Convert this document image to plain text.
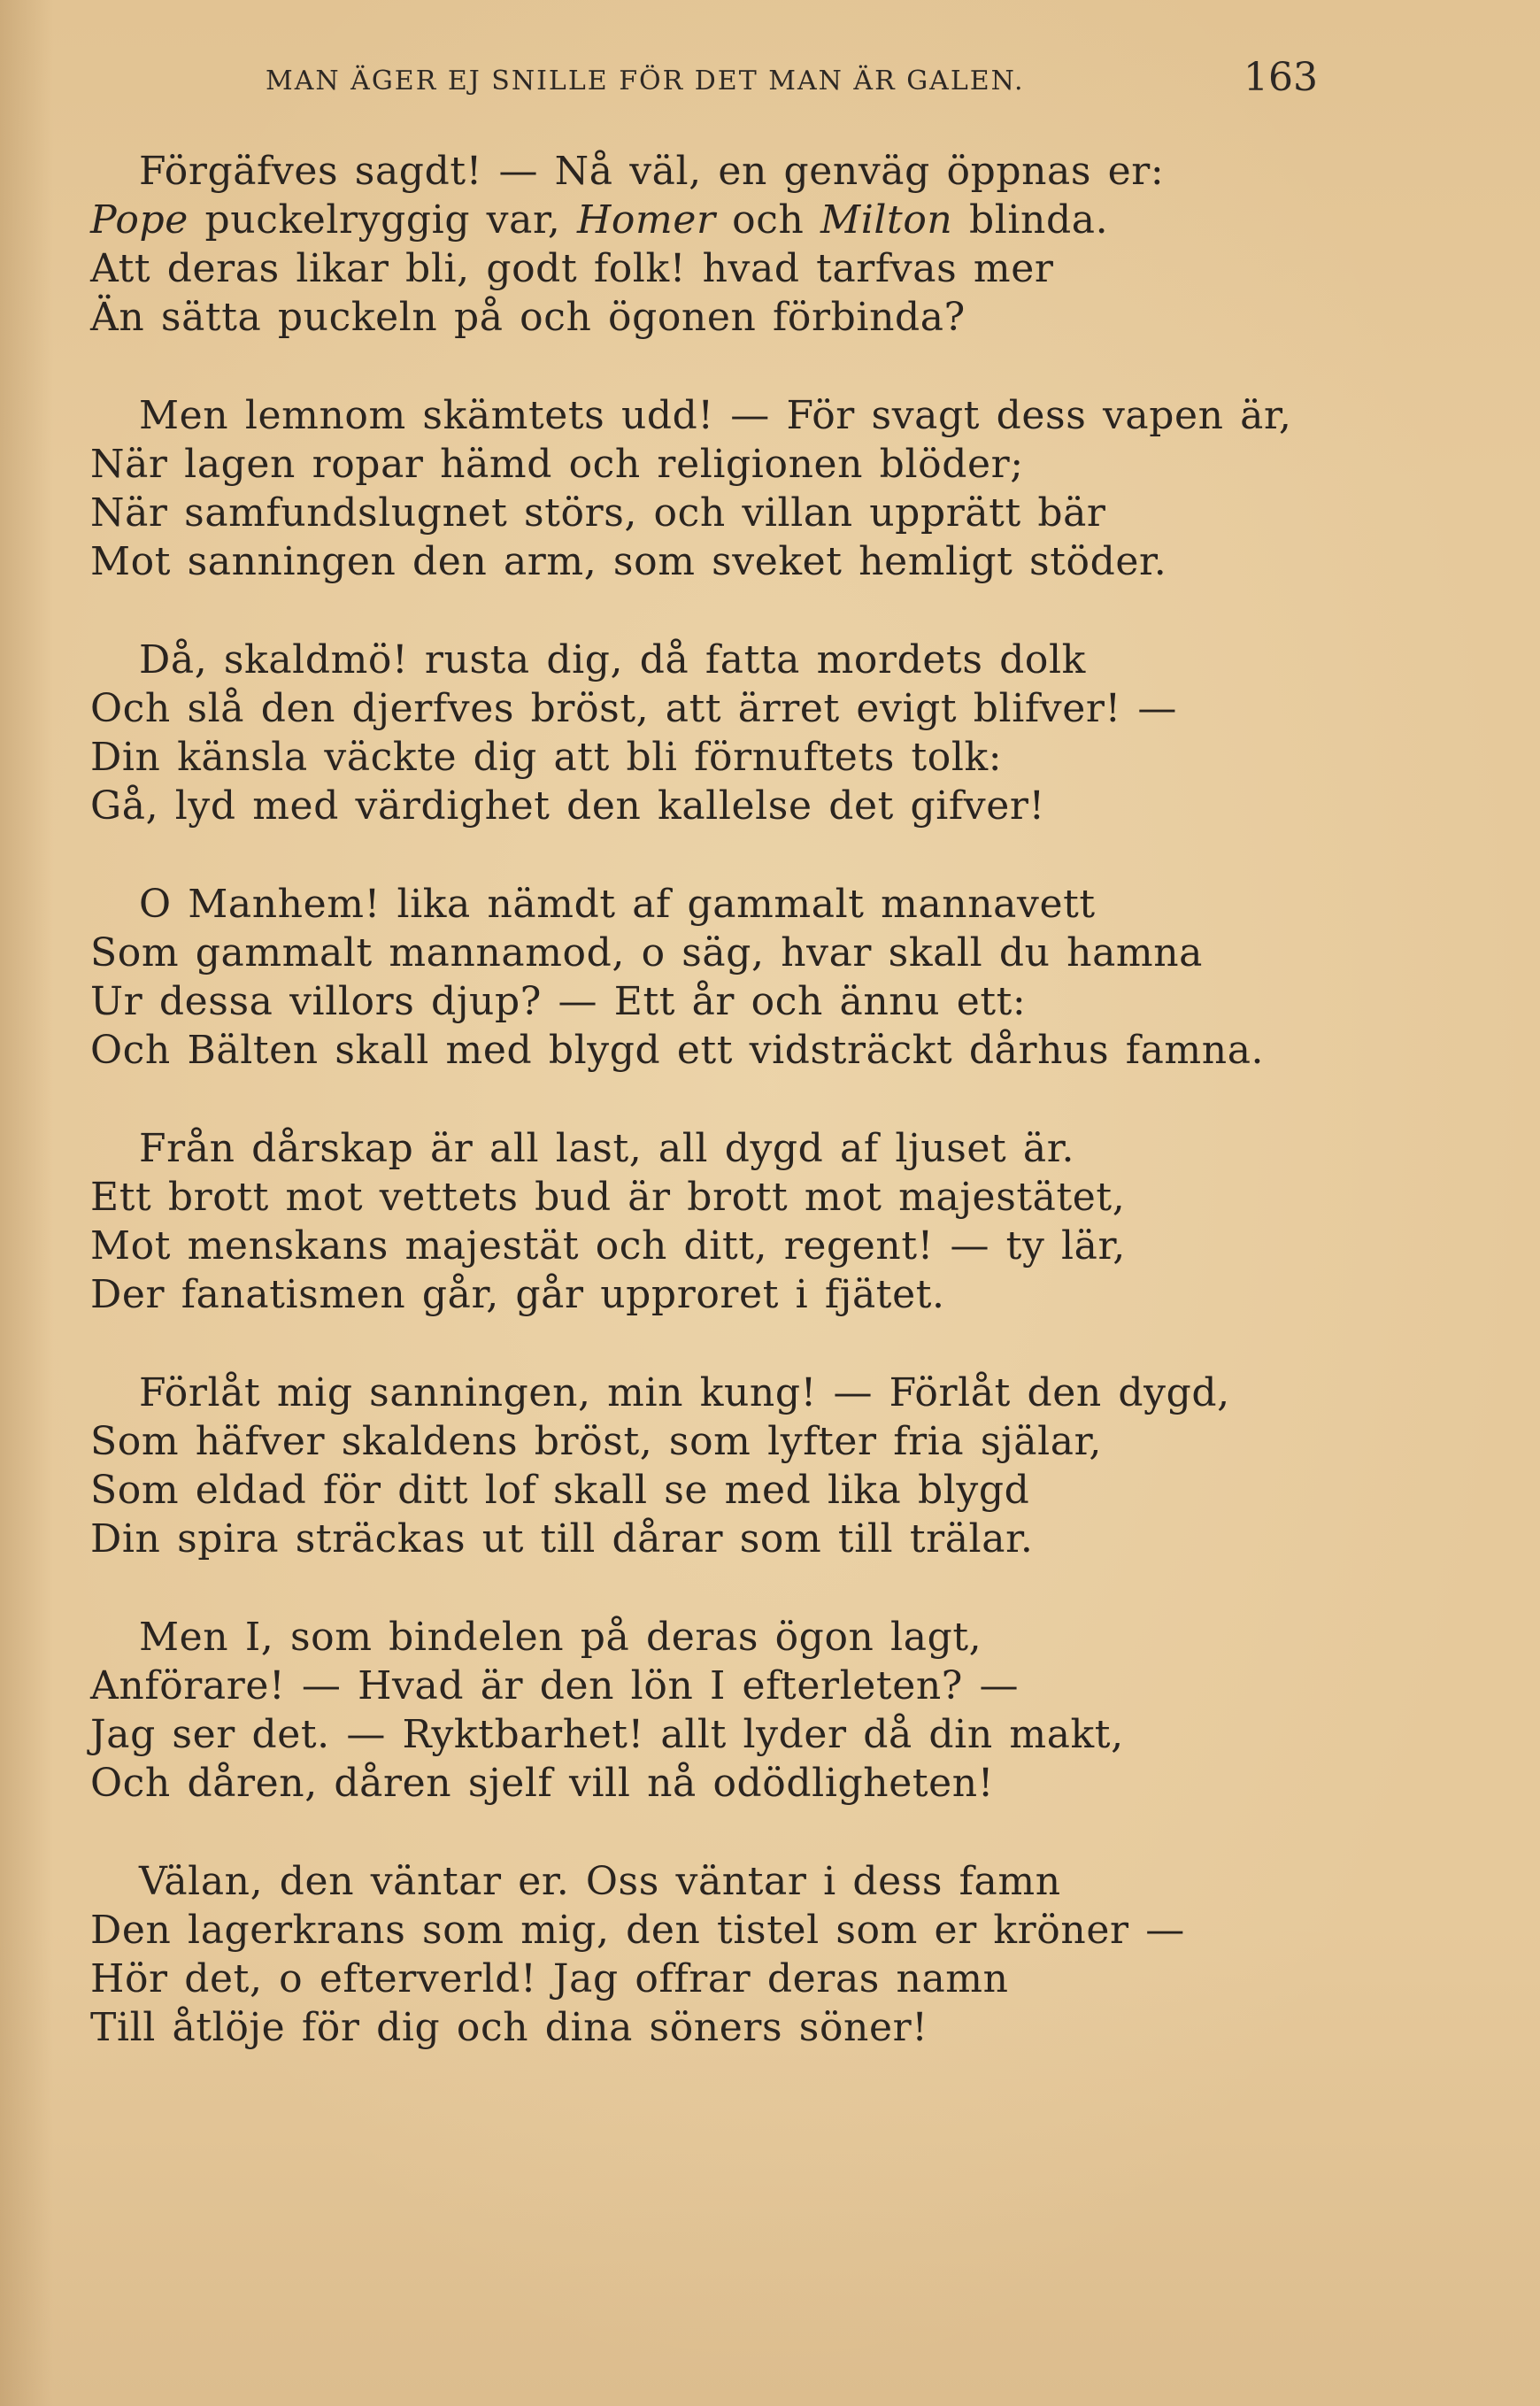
MAN ÄGER EJ SNILLE FÖR DET MAN ÄR GALEN.	163
Förgäfves sagdt! — Nå väl, en genväg öppnas er:
Pope puckelryggig var, Homer och Milton blinda.
Att deras likar bli, godt folk! hvad tarfvas mer
Än sätta puckeln på och ögonen förbinda?
Men lemnom skämtets udd! — För svagt dess vapen är,
När lagen ropar hämd och religionen blöder;
När samfundslugnet störs, och villan upprätt bär
Mot sanningen den arm, som sveket hemligt stöder.
Då, skaldmö! rusta dig, då fatta mordets dolk
Och slå den djerfves bröst, att ärret evigt blifver! —
Din känsla väckte dig att bli förnuftets tolk:
Gå, lyd med värdighet den kallelse det gifver!
O Manhem! lika nämdt af gammalt mannavett
Som gammalt mannamod, o säg, hvar skall du hamna
Ur dessa villors djup? — Ett år och ännu ett:
Och Bälten skall med blygd ett vidsträckt dårhus famna.
Från dårskap är all last, all dygd af ljuset är.
Ett brott mot vettets bud är brott mot majestätet,
Mot menskans majestät och ditt, regent! — ty lär,
Der fanatismen går, går upproret i fjätet.
Förlåt mig sanningen, min kung! — Förlåt den dygd,
Som häfver skaldens bröst, som lyfter fria själar,
Som eldad för ditt lof skall se med lika blygd
Din spira sträckas ut till dårar som till trälar.
Men I, som bindelen på deras ögon lagt,
Anförare! — Hvad är den lön I efterleten? —
Jag ser det. — Ryktbarhet! allt lyder då din makt,
Och dåren, dåren sjelf vill nå odödligheten!
Välan, den väntar er. Oss väntar i dess famn
Den lagerkrans som mig, den tistel som er kröner —
Hör det, o efterverld! Jag offrar deras namn
Till åtlöje för dig och dina söners söner!
